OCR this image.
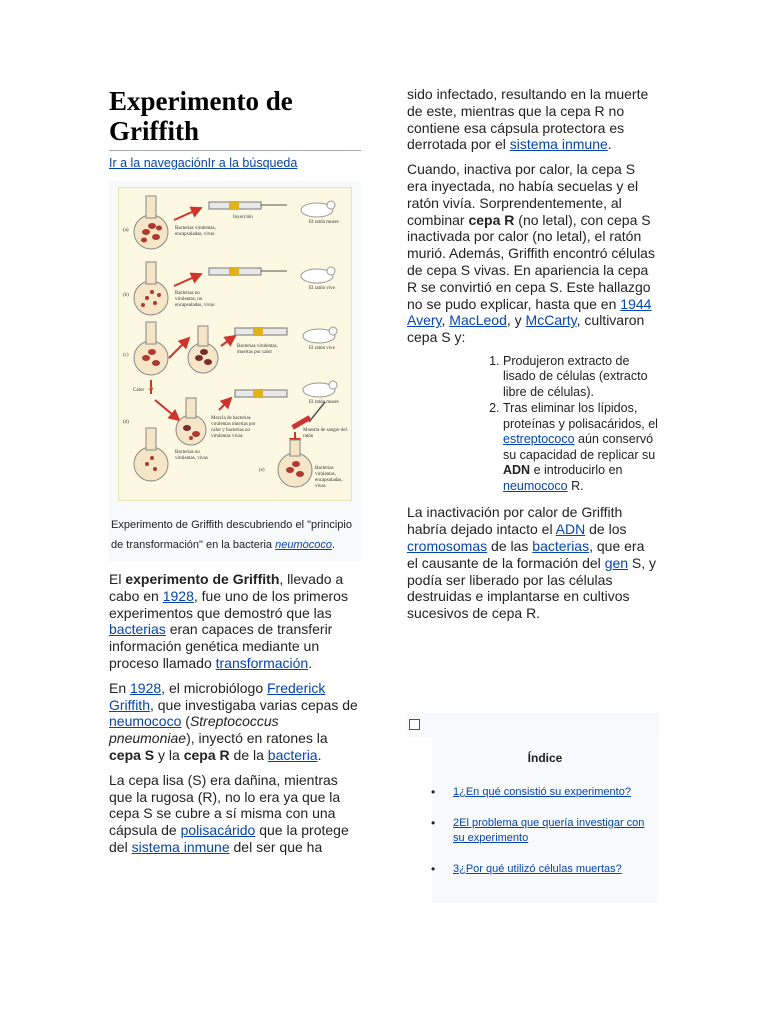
Experimento de Griffith
Ir a la navegaciónIr a la búsqueda
(a)	Bacterias virulentas, encapsuladas, vivas
Inyección
El ratón muere
(b)	Bacterias no virulentas, no encapsuladas, vivas
El ratón vive
(c)
Bacterias virulentas, muertas por calor
El ratón vive
Calor
(d)
Mezcla de bacterias virulentas muertas por calor y bacterias no virulentas vivas
El ratón muere
Muestra de sangre del ratón
Bacterias no virulentas, vivas
(e)	Bacterias virulentas, encapsuladas, vivas
Experimento de Griffith descubriendo el "principio de transformación" en la bacteria neumococo.

El experimento de Griffith, llevado a cabo en 1928, fue uno de los primeros experimentos que demostró que las bacterias eran capaces de transferir información genética mediante un proceso llamado transformación.

En 1928, el microbiólogo Frederick Griffith, que investigaba varias cepas de neumococo (Streptococcus pneumoniae), inyectó en ratones la cepa S y la cepa R de la bacteria.

La cepa lisa (S) era dañina, mientras que la rugosa (R), no lo era ya que la cepa S se cubre a sí misma con una cápsula de polisacárido que la protege del sistema inmune del ser que ha

sido infectado, resultando en la muerte de este, mientras que la cepa R no contiene esa cápsula protectora es derrotada por el sistema inmune.

Cuando, inactiva por calor, la cepa S era inyectada, no había secuelas y el ratón vivía. Sorprendentemente, al combinar cepa R (no letal), con cepa S inactivada por calor (no letal), el ratón murió. Además, Griffith encontró células de cepa S vivas. En apariencia la cepa R se convirtió en cepa S. Este hallazgo no se pudo explicar, hasta que en 1944 Avery, MacLeod, y McCarty, cultivaron cepa S y:

1. Produjeron extracto de lisado de células (extracto libre de células).
2. Tras eliminar los lípidos, proteínas y polisacáridos, el estreptococo aún conservó su capacidad de replicar su ADN e introducirlo en neumococo R.

La inactivación por calor de Griffith habría dejado intacto el ADN de los cromosomas de las bacterias, que era el causante de la formación del gen S, y podía ser liberado por las células destruidas e implantarse en cultivos sucesivos de cepa R.

Índice
• 1¿En qué consistió su experimento?
• 2El problema que quería investigar con su experimento
• 3¿Por qué utilizó células muertas?
